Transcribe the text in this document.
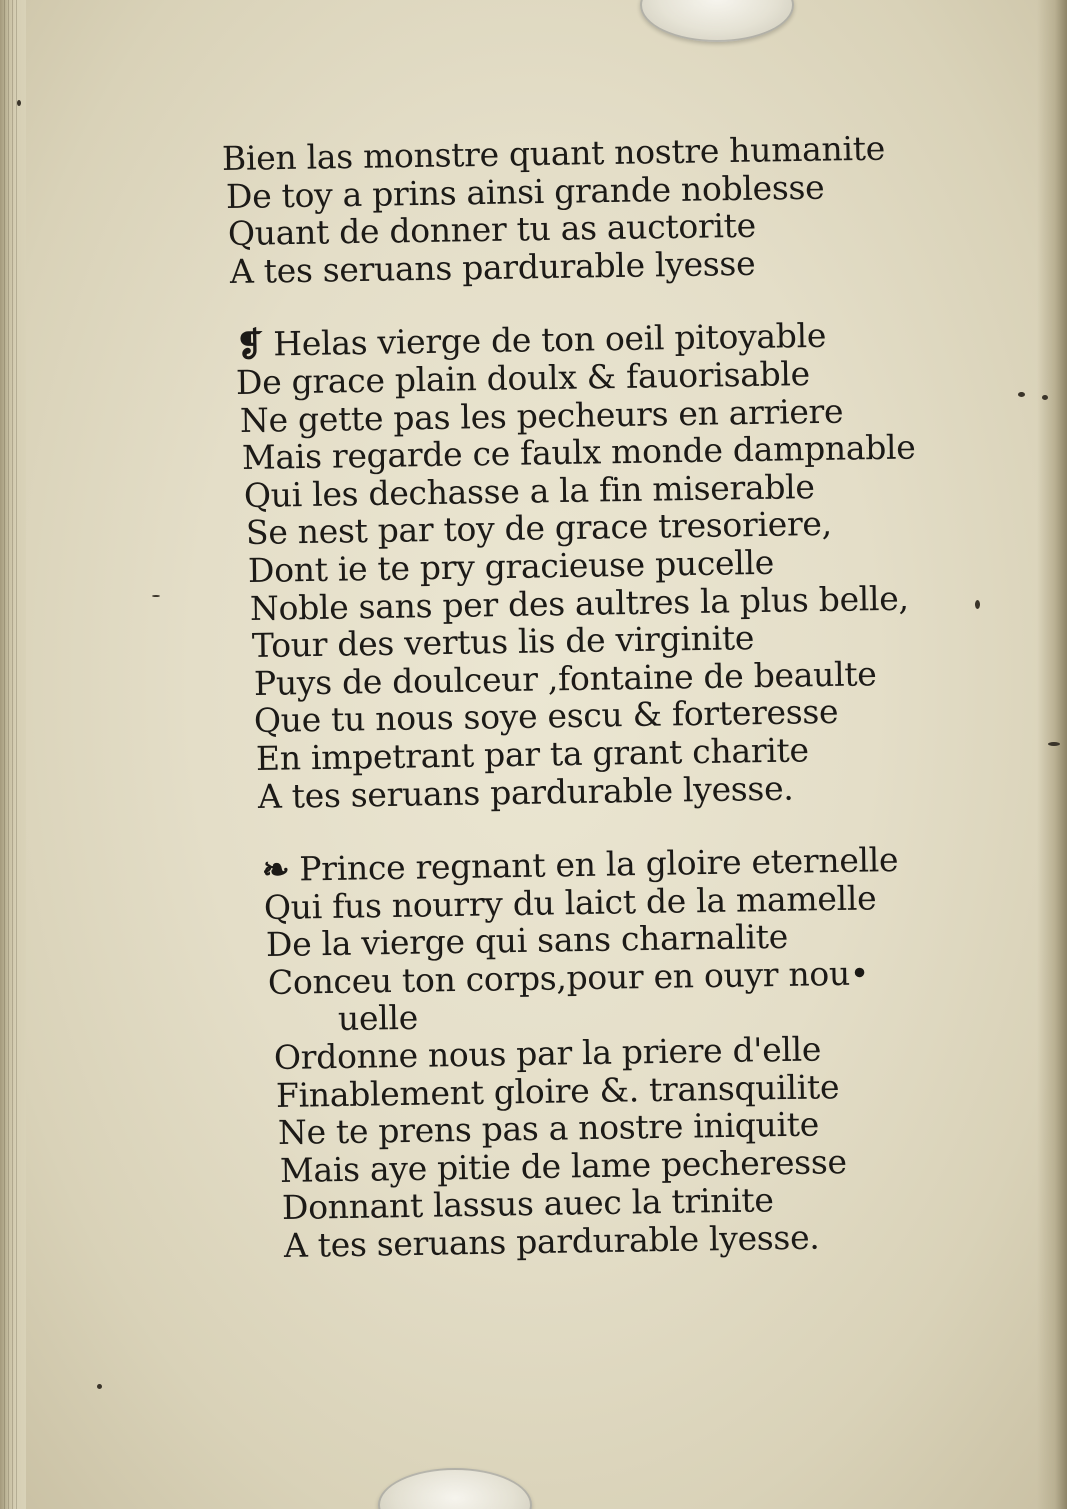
Bien las monstre quant nostre humanite
De toy a prins ainsi grande noblesse
Quant de donner tu as auctorite
A tes seruans pardurable lyesse
❡ Helas vierge de ton oeil pitoyable
De grace plain doulx & fauorisable
Ne gette pas les pecheurs en arriere
Mais regarde ce faulx monde dampnable
Qui les dechasse a la fin miserable
Se nest par toy de grace tresoriere,
Dont ie te pry gracieuse pucelle
Noble sans per des aultres la plus belle,
Tour des vertus lis de virginite
Puys de doulceur ,fontaine de beaulte
Que tu nous soye escu & forteresse
En impetrant par ta grant charite
A tes seruans pardurable lyesse.
❧ Prince regnant en la gloire eternelle
Qui fus nourry du laict de la mamelle
De la vierge qui sans charnalite
Conceu ton corps,pour en ouyr nou•
uelle
Ordonne nous par la priere d'elle
Finablement gloire &. transquilite
Ne te prens pas a nostre iniquite
Mais aye pitie de lame pecheresse
Donnant lassus auec la trinite
A tes seruans pardurable lyesse.
